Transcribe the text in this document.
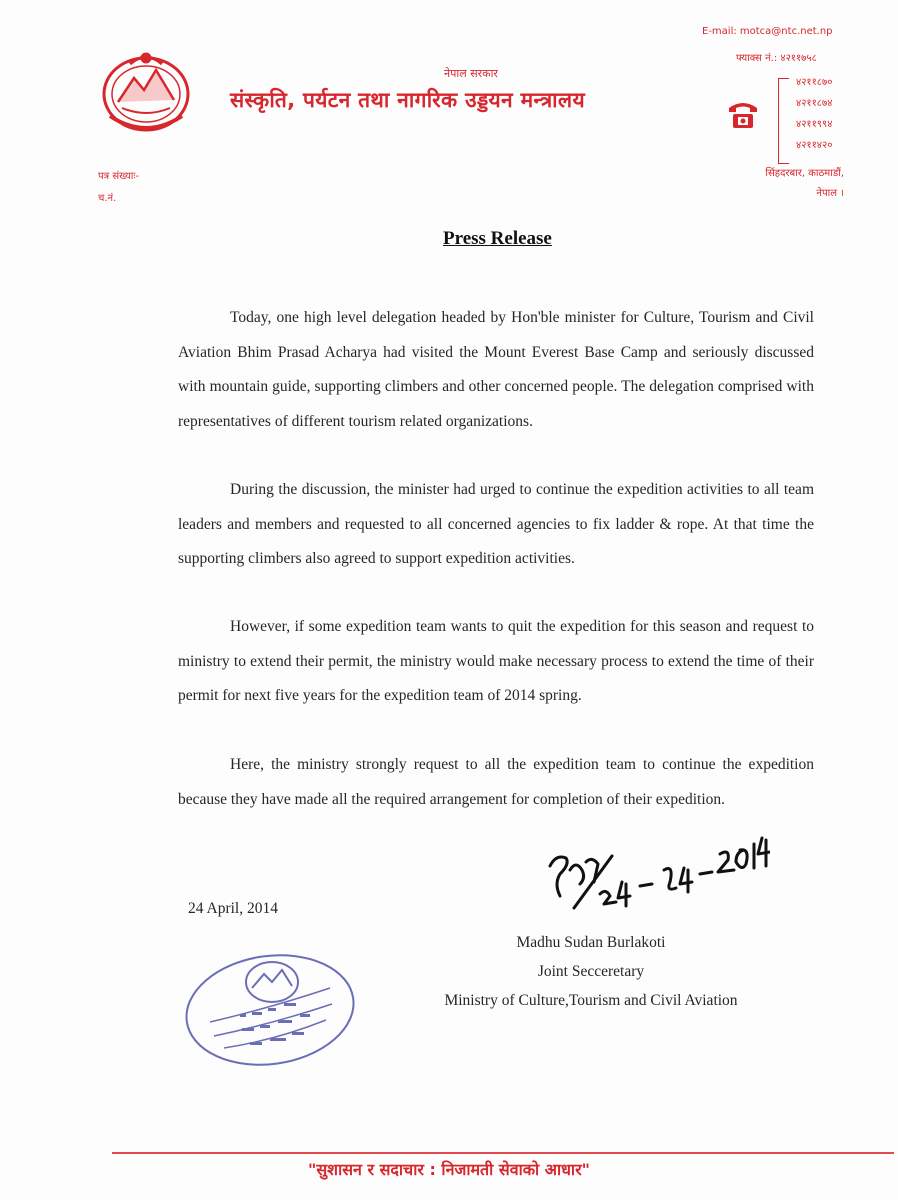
नेपाल सरकार
संस्कृति, पर्यटन तथा नागरिक उड्डयन मन्त्रालय
पत्र संख्याः-
च.नं.
E-mail: motca@ntc.net.np
फ्याक्स नं.: ४२११७५८
४२११८७०
४२११८७४
४२११९९४
४२११४२०
सिंहदरबार, काठमाडौं,
नेपाल ।
Press Release
Today, one high level delegation headed by Hon'ble minister for Culture, Tourism and Civil Aviation Bhim Prasad Acharya had visited the Mount Everest Base Camp and seriously discussed with mountain guide, supporting climbers and other concerned people. The delegation comprised with representatives of different tourism related organizations.
During the discussion, the minister had urged to continue the expedition activities to all team leaders and members and requested to all concerned agencies to fix ladder & rope. At that time the supporting climbers also agreed to support expedition activities.
However, if some expedition team wants to quit the expedition for this season and request to ministry to extend their permit, the ministry would make necessary process to extend the time of their permit for next five years for the expedition team of 2014 spring.
Here, the ministry strongly request to all the expedition team to continue the expedition because they have made all the required arrangement for completion of their expedition.
24 April, 2014
Madhu Sudan Burlakoti
Joint Secceretary
Ministry of Culture,Tourism and Civil Aviation
"सुशासन र सदाचार : निजामती सेवाको आधार"
